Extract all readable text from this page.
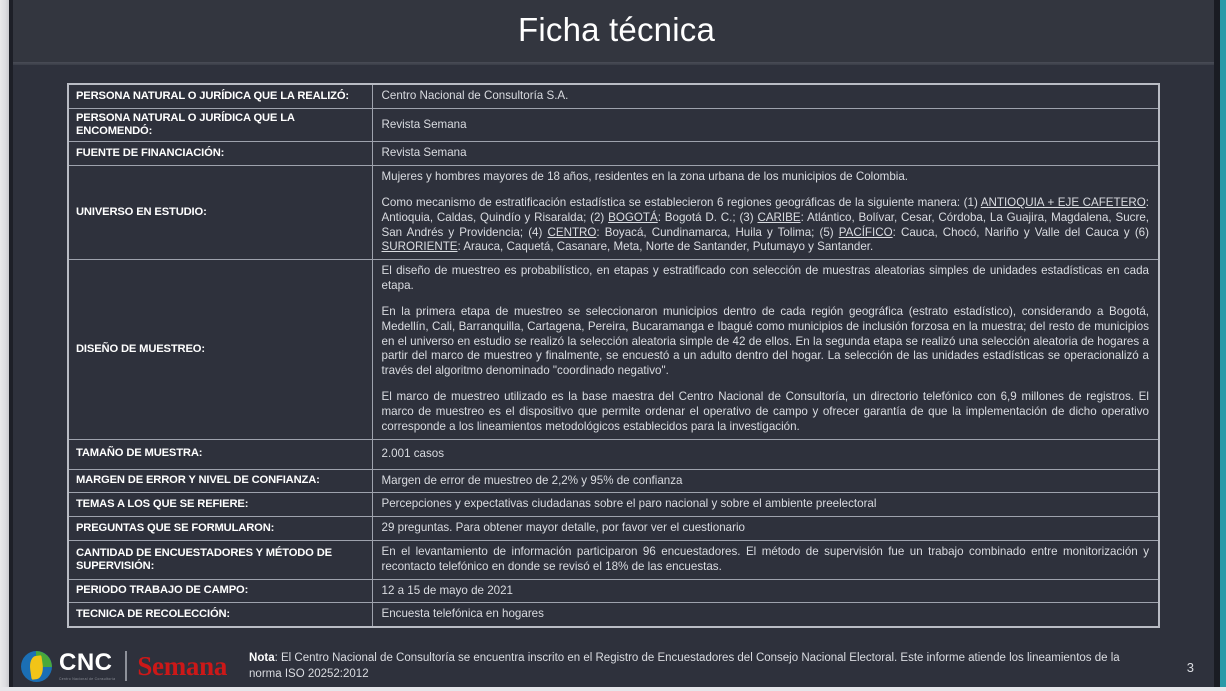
Ficha técnica
PERSONA NATURAL O JURÍDICA QUE LA REALIZÓ:	Centro Nacional de Consultoría S.A.
PERSONA NATURAL O JURÍDICA QUE LA ENCOMENDÓ:	Revista Semana
FUENTE DE FINANCIACIÓN:	Revista Semana
UNIVERSO EN ESTUDIO:	Mujeres y hombres mayores de 18 años, residentes en la zona urbana de los municipios de Colombia.

Como mecanismo de estratificación estadística se establecieron 6 regiones geográficas de la siguiente manera: (1) ANTIOQUIA + EJE CAFETERO: Antioquia, Caldas, Quindío y Risaralda; (2) BOGOTÁ: Bogotá D. C.; (3) CARIBE: Atlántico, Bolívar, Cesar, Córdoba, La Guajira, Magdalena, Sucre, San Andrés y Providencia; (4) CENTRO: Boyacá, Cundinamarca, Huila y Tolima; (5) PACÍFICO: Cauca, Chocó, Nariño y Valle del Cauca y (6) SURORIENTE: Arauca, Caquetá, Casanare, Meta, Norte de Santander, Putumayo y Santander.

DISEÑO DE MUESTREO:	El diseño de muestreo es probabilístico, en etapas y estratificado con selección de muestras aleatorias simples de unidades estadísticas en cada etapa.

En la primera etapa de muestreo se seleccionaron municipios dentro de cada región geográfica (estrato estadístico), considerando a Bogotá, Medellín, Cali, Barranquilla, Cartagena, Pereira, Bucaramanga e Ibagué como municipios de inclusión forzosa en la muestra; del resto de municipios en el universo en estudio se realizó la selección aleatoria simple de 42 de ellos. En la segunda etapa se realizó una selección aleatoria de hogares a partir del marco de muestreo y finalmente, se encuestó a un adulto dentro del hogar. La selección de las unidades estadísticas se operacionalizó a través del algoritmo denominado "coordinado negativo".

El marco de muestreo utilizado es la base maestra del Centro Nacional de Consultoría, un directorio telefónico con 6,9 millones de registros. El marco de muestreo es el dispositivo que permite ordenar el operativo de campo y ofrecer garantía de que la implementación de dicho operativo corresponde a los lineamientos metodológicos establecidos para la investigación.

TAMAÑO DE MUESTRA:	2.001 casos
MARGEN DE ERROR Y NIVEL DE CONFIANZA:	Margen de error de muestreo de 2,2% y 95% de confianza
TEMAS A LOS QUE SE REFIERE:	Percepciones y expectativas ciudadanas sobre el paro nacional y sobre el ambiente preelectoral
PREGUNTAS QUE SE FORMULARON:	29 preguntas. Para obtener mayor detalle, por favor ver el cuestionario
CANTIDAD DE ENCUESTADORES Y MÉTODO DE SUPERVISIÓN:	En el levantamiento de información participaron 96 encuestadores. El método de supervisión fue un trabajo combinado entre monitorización y recontacto telefónico en donde se revisó el 18% de las encuestas.
PERIODO TRABAJO DE CAMPO:	12 a 15 de mayo de 2021
TECNICA DE RECOLECCIÓN:	Encuesta telefónica en hogares
CNC
Centro Nacional de Consultoría Semana Nota: El Centro Nacional de Consultoría se encuentra inscrito en el Registro de Encuestadores del Consejo Nacional Electoral. Este informe atiende los lineamientos de la norma ISO 20252:2012	3
